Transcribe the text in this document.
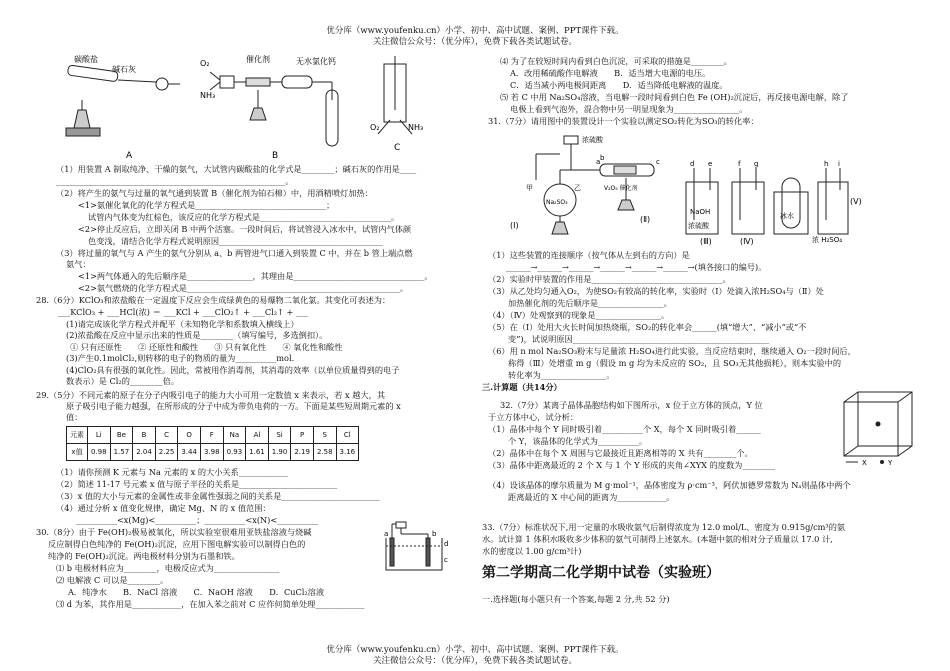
优分库（www.youfenku.cn）小学、初中、高中试题、案例、PPT课件下载。
关注微信公众号：（优分库），免费下载各类试题试卷。
碳酸盐
碱石灰
A
O₂
NH₃
催化剂	无水氯化钙
B
O₂	NH₃
C
（1）用装置 A 制取纯净、干燥的氨气，大试管内碳酸盐的化学式是________；碱石灰的作用是____
________________________________________________________。
（2）将产生的氨气与过量的氧气通到装置 B（催化剂为铂石棉）中，用酒精喷灯加热：
<1>氨催化氧化的化学方程式是________________________________；
试管内气体变为红棕色，该反应的化学方程式是________________________________。
<2>停止反应后，立即关闭 B 中两个活塞。一段时间后，将试管浸入冰水中，试管内气体颜
色变浅，请结合化学方程式说明原因________________________________________
（3）将过量的氧气与 A 产生的氨气分别从 a、b 两管进气口通入到装置 C 中，并在 b 管上端点燃
氨气：
<1>两气体通入的先后顺序是________________，其理由是________________________________。
<2>氨气燃烧的化学方程式是____________________________________________________。
28.（6分）KClO₃和浓盐酸在一定温度下反应会生成绿黄色的易爆物二氧化氯。其变化可表述为：
___KClO₃ + ___HCl(浓) ＝ ___KCl + ___ClO₂↑ + ___Cl₂↑ + ___
(1)请完成该化学方程式并配平（未知物化学和系数填入横线上）
(2)浓盐酸在反应中显示出来的性质是________（填写编号，多选倒扣）。
① 只有还原性　　② 还原性和酸性　　③ 只有氧化性　　④ 氧化性和酸性
(3)产生0.1molCl₂,则转移的电子的物质的量为__________mol.
(4)ClO₂具有很强的氧化性。因此，常被用作消毒剂，其消毒的效率（以单位质量得到的电子
数表示）是 Cl₂的________倍。
29.（5分）不同元素的原子在分子内吸引电子的能力大小可用一定数值 x 来表示，若 x 越大，其
原子吸引电子能力越强，在所形成的分子中成为带负电荷的一方。下面是某些短周期元素的 x
值：
（1）请你预测 K 元素与 Na 元素的 x 的大小关系____________
（2）简述 11-17 号元素 x 值与原子半径的关系是________________________
（3）x 值的大小与元素的金属性或非金属性强弱之间的关系是________________________
（4）通过分析 x 值变化规律，确定 Mg、N 的 x 值范围：
__________<x(Mg)<__________；__________<x(N)<__________
30.（8分）由于 Fe(OH)₂极易被氧化，所以实验室很难用亚铁盐溶液与烧碱
反应制得白色纯净的 Fe(OH)₂沉淀，应用下图电解实验可以制得白色的
纯净的 Fe(OH)₂沉淀。两电极材料分别为石墨和铁。
⑴ b 电极材料应为________，电极反应式为________________
⑵ 电解液 C 可以是________。
A．纯净水　　B．NaCl 溶液　　C．NaOH 溶液　　D．CuCl₂溶液
⑶ d 为苯，其作用是____________，在加入苯之前对 C 应作何简单处理____________
元素	Li	Be	B	C	O	F	Na	Al	Si	P	S	Cl
x值	0.98	1.57	2.04	2.25	3.44	3.98	0.93	1.61	1.90	2.19	2.58	3.16
a	b
d
c
⑷ 为了在较短时间内看到白色沉淀，可采取的措施是________。
A．改用稀硫酸作电解液　　B．适当增大电源的电压。
C．适当减小两电极间距离　　D．适当降低电解液的温度。
⑸ 若 C 中用 Na₂SO₄溶液，当电解一段时间看到白色 Fe (OH)₂沉淀后，再反接电源电解，除了
电极上看到气泡外，混合物中另一明显现象为________________。
31.（7分）请用图中的装置设计一个实验以测定SO₂转化为SO₃的转化率：
（1）这些装置的连接顺序（按气体从左到右的方向）是
______→______→______→______→______→______→(填各接口的编号)。
（2）实验时甲装置的作用是________________________________。
（3）从乙处均匀通入O₂，为使SO₂有较高的转化率，实验时（Ⅰ）处滴入浓H₂SO₄与（Ⅱ）处
加热催化剂的先后顺序是________________。
（4）（Ⅳ）处观察到的现象是________________。
（5）在（Ⅰ）处用大火长时间加热烧瓶，SO₂的转化率会______(填“增大”、“减小”或“不
变”)，试说明原因________________________________________________
（6）用 n mol Na₂SO₃粉末与足量浓 H₂SO₄进行此实验，当反应结束时，继续通入 O₂一段时间后，
称得（Ⅲ）处增重 m g（假设 m g 均为未反应的 SO₂，且 SO₃无其他损耗），则本实验中的
转化率为________________。
三.计算题（共14分）
32.（7分）某离子晶体晶胞结构如下图所示，x 位于立方体的顶点，Y 位
于立方体中心，试分析：
（1）晶体中每个 Y 同时吸引着__________个 X，每个 X 同时吸引着______
个 Y，该晶体的化学式为__________。
（2）晶体中在每个 X 周围与它最接近且距离相等的 X 共有________个。
（3）晶体中距离最近的 2 个 X 与 1 个 Y 形成的夹角∠XYX 的度数为________
（4）设该晶体的摩尔质量为 M g·mol⁻¹，晶体密度为 ρ·cm⁻³，阿伏加德罗常数为 Nₐ则晶体中两个
距离最近的 X 中心间的距离为____________。
33.（7分）标准状况下,用一定量的水吸收氨气后制得浓度为 12.0 mol/L、密度为 0.915g/cm³的氨
水。试计算 1 体积水吸收多少体积的氨气可制得上述氨水。(本题中氨的相对分子质量以 17.0 计,
水的密度以 1.00 g/cm³计)
第二学期高二化学期中试卷（实验班）
一.选择题(每小题只有一个答案,每题 2 分,共 52 分)
浓硫酸
Na₂SO₃
V₂O₅ 催化剂
NaOH
浓硫酸
冰水
浓 H₂SO₄
(Ⅰ)
(Ⅱ)
(Ⅲ)	(Ⅳ)
(Ⅴ)
a b	c	d e	f g	h i
甲	乙
X	Y
优分库（www.youfenku.cn）小学、初中、高中试题、案例、PPT课件下载。
关注微信公众号：（优分库），免费下载各类试题试卷。
